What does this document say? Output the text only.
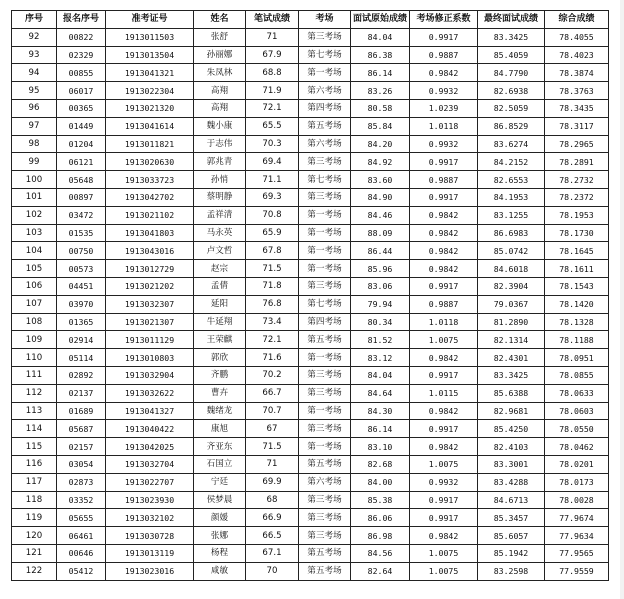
序号	报名序号	准考证号	姓名	笔试成绩	考场	面试原始成绩	考场修正系数	最终面试成绩	综合成绩
92	00822	1913011503	张舒	71	第三考场	84.04	0.9917	83.3425	78.4055
93	02329	1913013504	孙丽娜	67.9	第七考场	86.38	0.9887	85.4059	78.4023
94	00855	1913041321	朱凤林	68.8	第一考场	86.14	0.9842	84.7790	78.3874
95	06017	1913022304	高翔	71.9	第六考场	83.26	0.9932	82.6938	78.3763
96	00365	1913021320	高翔	72.1	第四考场	80.58	1.0239	82.5059	78.3435
97	01449	1913041614	魏小康	65.5	第五考场	85.84	1.0118	86.8529	78.3117
98	01204	1913011821	于志伟	70.3	第六考场	84.20	0.9932	83.6274	78.2965
99	06121	1913020630	郭兆青	69.4	第三考场	84.92	0.9917	84.2152	78.2891
100	05648	1913033723	孙悄	71.1	第七考场	83.60	0.9887	82.6553	78.2732
101	00897	1913042702	蔡明静	69.3	第三考场	84.90	0.9917	84.1953	78.2372
102	03472	1913021102	孟祥清	70.8	第一考场	84.46	0.9842	83.1255	78.1953
103	01535	1913041803	马永英	65.9	第一考场	88.09	0.9842	86.6983	78.1730
104	00750	1913043016	卢文哲	67.8	第一考场	86.44	0.9842	85.0742	78.1645
105	00573	1913012729	赵宗	71.5	第一考场	85.96	0.9842	84.6018	78.1611
106	04451	1913021202	孟倩	71.8	第三考场	83.06	0.9917	82.3904	78.1543
107	03970	1913032307	延阳	76.8	第七考场	79.94	0.9887	79.0367	78.1420
108	01365	1913021307	牛延翔	73.4	第四考场	80.34	1.0118	81.2890	78.1328
109	02914	1913011129	王荣麒	72.1	第五考场	81.52	1.0075	82.1314	78.1188
110	05114	1913010803	郭欣	71.6	第一考场	83.12	0.9842	82.4301	78.0951
111	02892	1913032904	齐鹏	70.2	第三考场	84.04	0.9917	83.3425	78.0855
112	02137	1913032622	曹卉	66.7	第三考场	84.64	1.0115	85.6388	78.0633
113	01689	1913041327	魏绪龙	70.7	第一考场	84.30	0.9842	82.9681	78.0603
114	05687	1913040422	康旭	67	第三考场	86.14	0.9917	85.4250	78.0550
115	02157	1913042025	齐亚东	71.5	第一考场	83.10	0.9842	82.4103	78.0462
116	03054	1913032704	石国立	71	第五考场	82.68	1.0075	83.3001	78.0201
117	02873	1913022707	宁廷	69.9	第六考场	84.00	0.9932	83.4288	78.0173
118	03352	1913023930	侯梦晨	68	第三考场	85.38	0.9917	84.6713	78.0028
119	05655	1913032102	颜媛	66.9	第三考场	86.06	0.9917	85.3457	77.9674
120	06461	1913030728	张娜	66.5	第三考场	86.98	0.9842	85.6057	77.9634
121	00646	1913013119	杨程	67.1	第五考场	84.56	1.0075	85.1942	77.9565
122	05412	1913023016	咸敏	70	第五考场	82.64	1.0075	83.2598	77.9559
